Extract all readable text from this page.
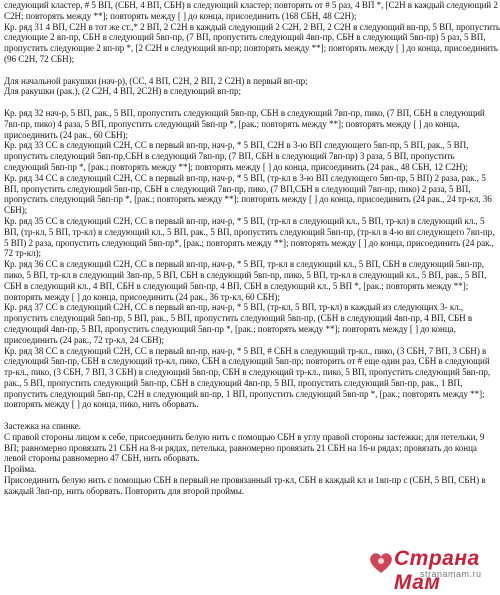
следующий кластер, # 5 ВП, (СБН, 4 ВП, СБН) в следующий кластер; повторять от # 5 раз, 4 ВП *, [С2Н в каждый следующий 2 С2Н; повторять между **]; повторять между [ ] до конца, присоединить (168 СБН, 48 С2Н);

Кр. ряд 31 4 ВП, С2Н в тот же ст.,* 2 ВП, 2 С2Н в каждый следующий 2 С2Н, 2 ВП, 2 С2Н в следующий вп-пр, 5 ВП, пропустить следующие 2 вп-пр, СБН в следующий 5вп-пр, (7 ВП, пропустить следующий 4вп-пр, СБН в следующий 5вп-пр) 5 раз, 5 ВП, пропустить следующие 2 вп-пр *, [2 С2Н в следующий вп-пр; повторять между **]; повторять между [ ] до конца, присоединить (96 С2Н, 72 СБН);

Для начальной ракушки (нач-р), (СС, 4 ВП, С2Н, 2 ВП, 2 С2Н) в первый вп-пр;

Для ракушки (рак.), (2 С2Н, 4 ВП, 2С2Н) в следующий вп-пр;

Кр. ряд 32 нач-р, 5 ВП, рак., 5 ВП, пропустить следующий 5вп-пр, СБН в следующий 7вп-пр, пико, (7 ВП, СБН в следующий 7вп-пр, пико) 4 раза, 5 ВП, пропустить следующий 5вп-пр *, [рак.; повторять между **]; повторять между [ ] до конца, присоединить (24 рак., 60 СБН);

Кр. ряд 33 СС в следующий С2Н, СС в первый вп-пр, нач-р, * 5 ВП, С2Н в 3-ю ВП следующего 5вп-пр, 5 ВП, рак., 5 ВП, пропустить следующий 5вп-пр,СБН в следующий 7вп-пр, (7 ВП, СБН в следующий 7вп-пр) 3 раза, 5 ВП, пропустить следующий 5вп-пр *, [рак.; повторять между **]; повторять между [ ] до конца, присоединить (24 рак., 48 СБН, 12 С2Н);

Кр. ряд 34 СС в следующий С2Н, СС в первый вп-пр, нач-р, * 5 ВП, (тр-кл в 3-ю ВП следующего 5вп-пр, 5 ВП) 2 раза, рак., 5 ВП, пропустить следующий 5вп-пр, СБН в следующий 7вп-пр, пико, (7 ВП,СБН в следующий 7вп-пр, пико) 2 раза, 5 ВП, пропустить следующий 5вп-пр *, [рак.; повторять между **]; повторять между [ ] до конца, присоединить (24 рак., 24 тр-кл, 36 СБН);

Кр. ряд 35 СС в следующий С2Н, СС в первый вп-пр, нач-р, * 5 ВП, (тр-кл в следующий кл., 5 ВП, тр-кл) в следующий кл., 5 ВП, (тр-кл, 5 ВП, тр-кл) в следующий кл., 5 ВП, рак., 5 ВП, пропустить следующий 5вп-пр, (тр-кл в 4-ю вп следующего 7вп-пр, 5 ВП) 2 раза, пропустить следующий 5вп-пр*, [рак.; повторять между **]; повторять между [ ] до конца, присоединить (24 рак., 72 тр-кл);

Кр. ряд 36 СС в следующий С2Н, СС в первый вп-пр, нач-р, * 5 ВП, тр-кл в следующий кл., 5 ВП, СБН в следующий 5вп-пр, пико, 5 ВП, тр-кл в следующий 3вп-пр, 5 ВП, СБН в следующий 5вп-пр, пико, 5 ВП, тр-кл в следующий кл., 5 ВП, рак., 5 ВП, СБН в следующий кл., 4 ВП, СБН в следующий 5вп-пр, 4 ВП, СБН в следующий кл., 5 ВП *, [рак.; повторять между **]; повторять между [ ] до конца, присоединить (24 рак., 36 тр-кл, 60 СБН);

Кр. ряд 37 СС в следующий С2Н, СС в первый вп-пр, нач-р, * 5 ВП, (тр-кл, 5 ВП, тр-кл) в каждый из следующих 3- кл., пропустить следующий 5вп-пр, 5 ВП, рак., 5 ВП, пропустить следующий 5вп-пр, (СБН в следующий 4вп-пр, 4 ВП, СБН в следующий 4вп-пр, 5 ВП, пропустить следующий 5вп-пр *, [рак.; повторять между **]; повторять между [ ] до конца, присоединить (24 рак., 72 тр-кл, 24 СБН);

Кр. ряд 38 СС в следующий С2Н, СС в первый вп-пр, нач-р, * 5 ВП, # СБН в следующий тр-кл., пико, (3 СБН, 7 ВП, 3 СБН) в следующий 5вп-пр, СБН в следующий тр-кл, пико, СБН в следующий 5вп-пр; повторить от # еще один раз, СБН в следующий тр-кл., пико, (3 СБН, 7 ВП, 3 СБН) в следующий 5вп-пр, СБН в следующий тр-кл., пико, 5 ВП, пропустить следующий 5вп-пр, рак., 5 ВП, пропустить следующий 5вп-пр, СБН в следующий 4вп-пр, 5 ВП, пропустить следующий 5вп-пр, рак., 1 ВП, пропустить следующий 5вп-пр, С2Н в следующий вп-пр, 1 ВП, пропустить следующий 5вп-пр *, [рак.; повторять между **]; повторять между [ ] до конца, пико, нить оборвать.

Застежка на спинке.

С правой стороны лицом к себе, присоединить белую нить с помощью СБН в углу правой стороны застежки; для петельки, 9 ВП; равномерно провязать 21 СБН на 8-и рядах, петелька, равномерно провязать 21 СБН на 16-и рядах; провязать до конца левой стороны равномерно 47 СБН, нить оборвать.

Пройма.

Присоединить белую нить с помощью СБН в первый не провязанный тр-кл, СБН в каждый кл и 1вп-пр с (СБН, 5 ВП, СБН) в каждый 3вп-пр, нить оборвать. Повторить для второй проймы.

Страна Мам
stranamam.ru
